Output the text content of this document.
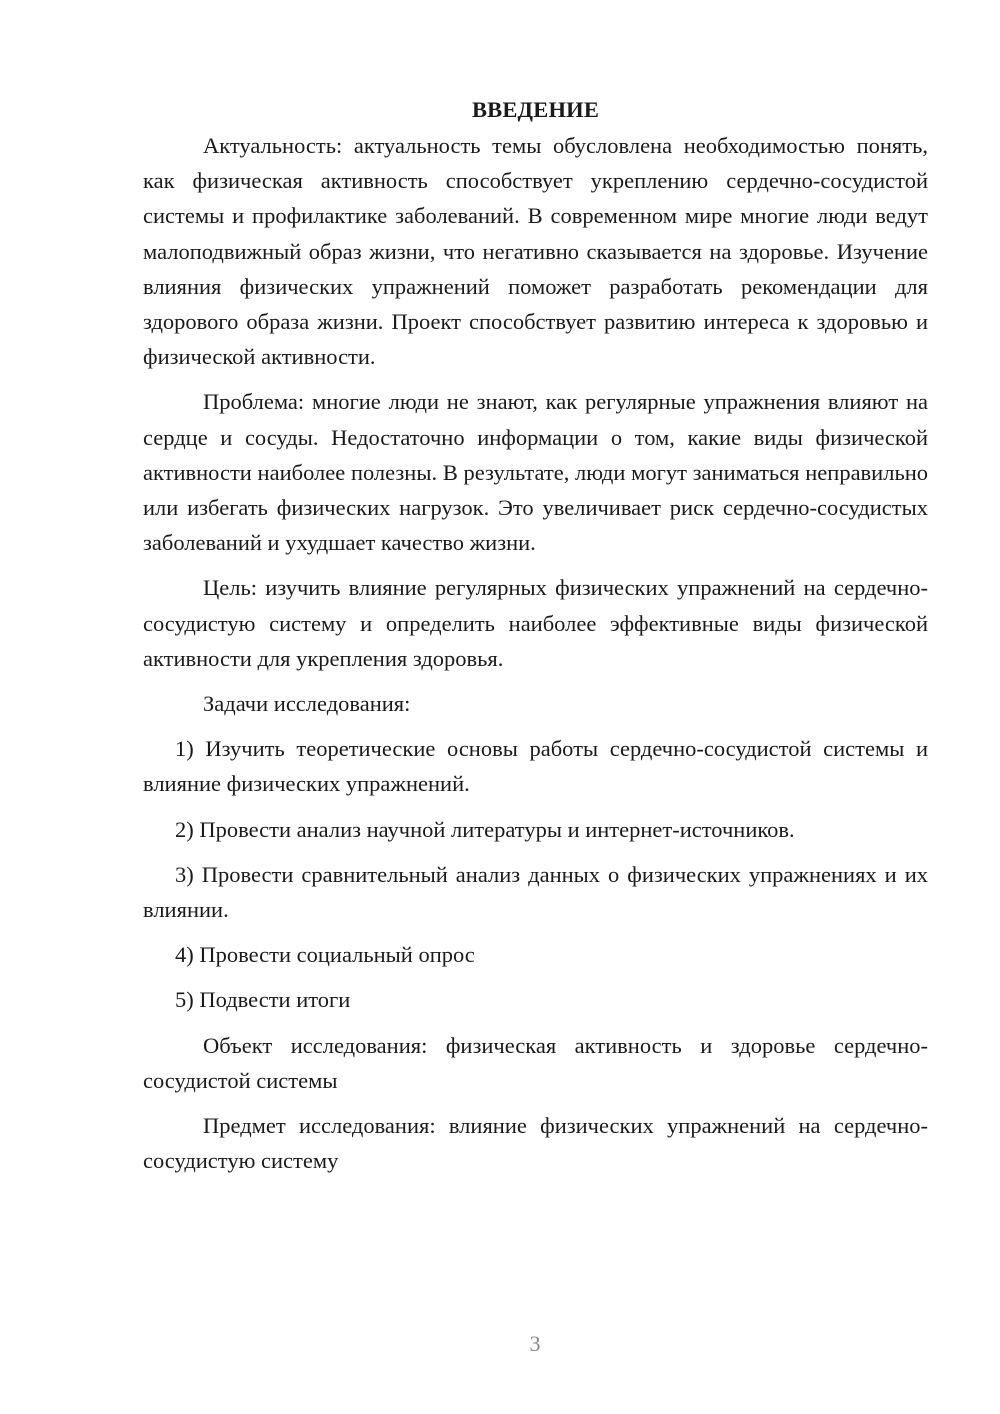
ВВЕДЕНИЕ

Актуальность: актуальность темы обусловлена необходимостью понять, как физическая активность способствует укреплению сердечно-сосудистой системы и профилактике заболеваний. В современном мире многие люди ведут малоподвижный образ жизни, что негативно сказывается на здоровье. Изучение влияния физических упражнений поможет разработать рекомендации для здорового образа жизни. Проект способствует развитию интереса к здоровью и физической активности.

Проблема: многие люди не знают, как регулярные упражнения влияют на сердце и сосуды. Недостаточно информации о том, какие виды физической активности наиболее полезны. В результате, люди могут заниматься неправильно или избегать физических нагрузок. Это увеличивает риск сердечно-сосудистых заболеваний и ухудшает качество жизни.

Цель: изучить влияние регулярных физических упражнений на сердечно-сосудистую систему и определить наиболее эффективные виды физической активности для укрепления здоровья.

Задачи исследования:

1) Изучить теоретические основы работы сердечно-сосудистой системы и влияние физических упражнений.

2) Провести анализ научной литературы и интернет-источников.

3) Провести сравнительный анализ данных о физических упражнениях и их влиянии.

4) Провести социальный опрос

5) Подвести итоги

Объект исследования: физическая активность и здоровье сердечно-сосудистой системы

Предмет исследования: влияние физических упражнений на сердечно-сосудистую систему

3
